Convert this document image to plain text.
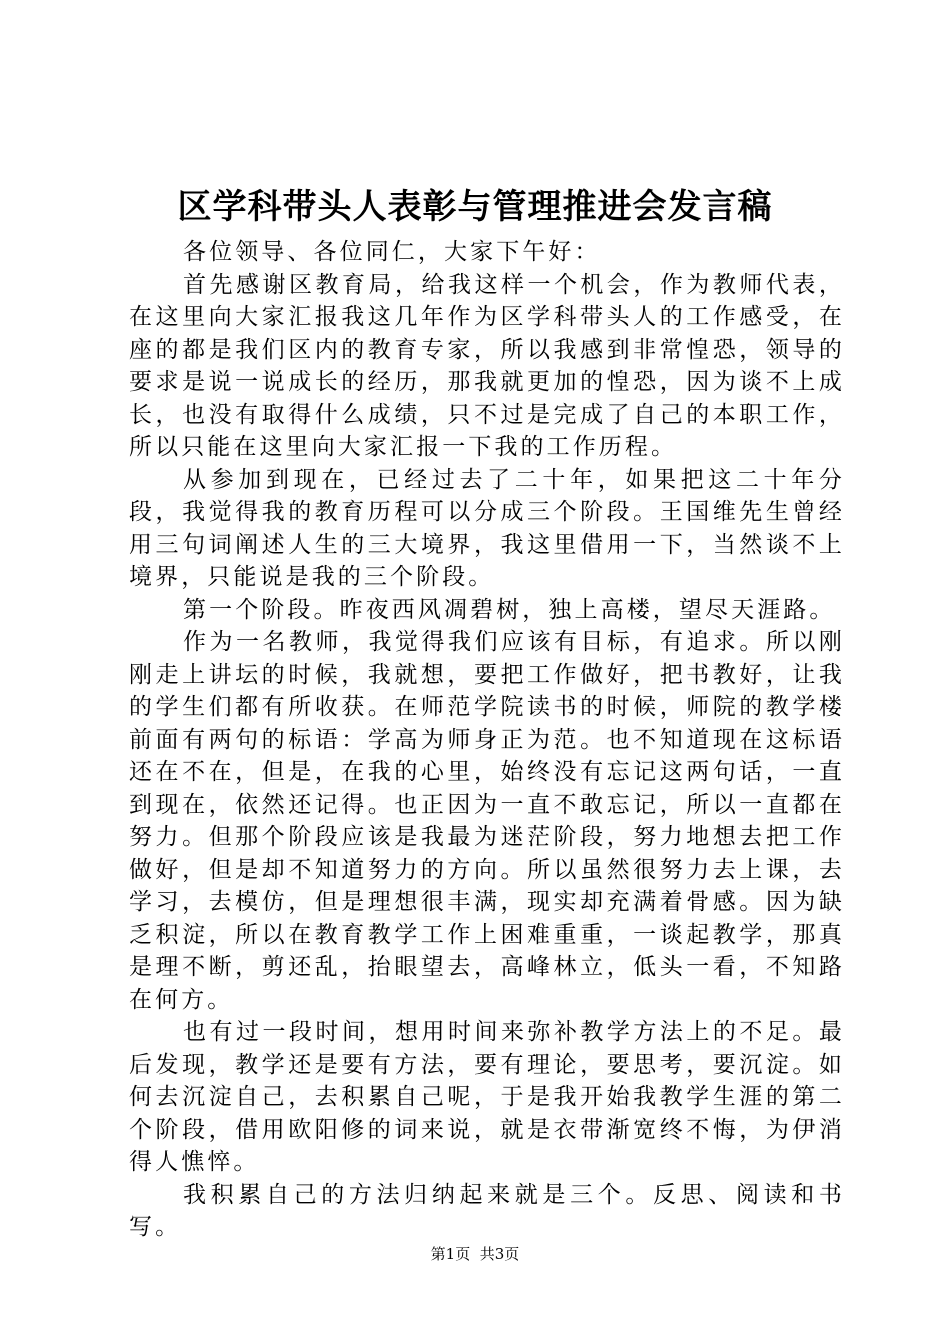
区学科带头人表彰与管理推进会发言稿

各位领导、各位同仁，大家下午好：

首先感谢区教育局，给我这样一个机会，作为教师代表，在这里向大家汇报我这几年作为区学科带头人的工作感受，在座的都是我们区内的教育专家，所以我感到非常惶恐，领导的要求是说一说成长的经历，那我就更加的惶恐，因为谈不上成长，也没有取得什么成绩，只不过是完成了自己的本职工作，所以只能在这里向大家汇报一下我的工作历程。

从参加到现在，已经过去了二十年，如果把这二十年分段，我觉得我的教育历程可以分成三个阶段。王国维先生曾经用三句词阐述人生的三大境界，我这里借用一下，当然谈不上境界，只能说是我的三个阶段。

第一个阶段。昨夜西风凋碧树，独上高楼，望尽天涯路。

作为一名教师，我觉得我们应该有目标，有追求。所以刚刚走上讲坛的时候，我就想，要把工作做好，把书教好，让我的学生们都有所收获。在师范学院读书的时候，师院的教学楼前面有两句的标语：学高为师身正为范。也不知道现在这标语还在不在，但是，在我的心里，始终没有忘记这两句话，一直到现在，依然还记得。也正因为一直不敢忘记，所以一直都在努力。但那个阶段应该是我最为迷茫阶段，努力地想去把工作做好，但是却不知道努力的方向。所以虽然很努力去上课，去学习，去模仿，但是理想很丰满，现实却充满着骨感。因为缺乏积淀，所以在教育教学工作上困难重重，一谈起教学，那真是理不断，剪还乱，抬眼望去，高峰林立，低头一看，不知路在何方。

也有过一段时间，想用时间来弥补教学方法上的不足。最后发现，教学还是要有方法，要有理论，要思考，要沉淀。如何去沉淀自己，去积累自己呢，于是我开始我教学生涯的第二个阶段，借用欧阳修的词来说，就是衣带渐宽终不悔，为伊消得人憔悴。

我积累自己的方法归纳起来就是三个。反思、阅读和书写。

第1页 共3页
